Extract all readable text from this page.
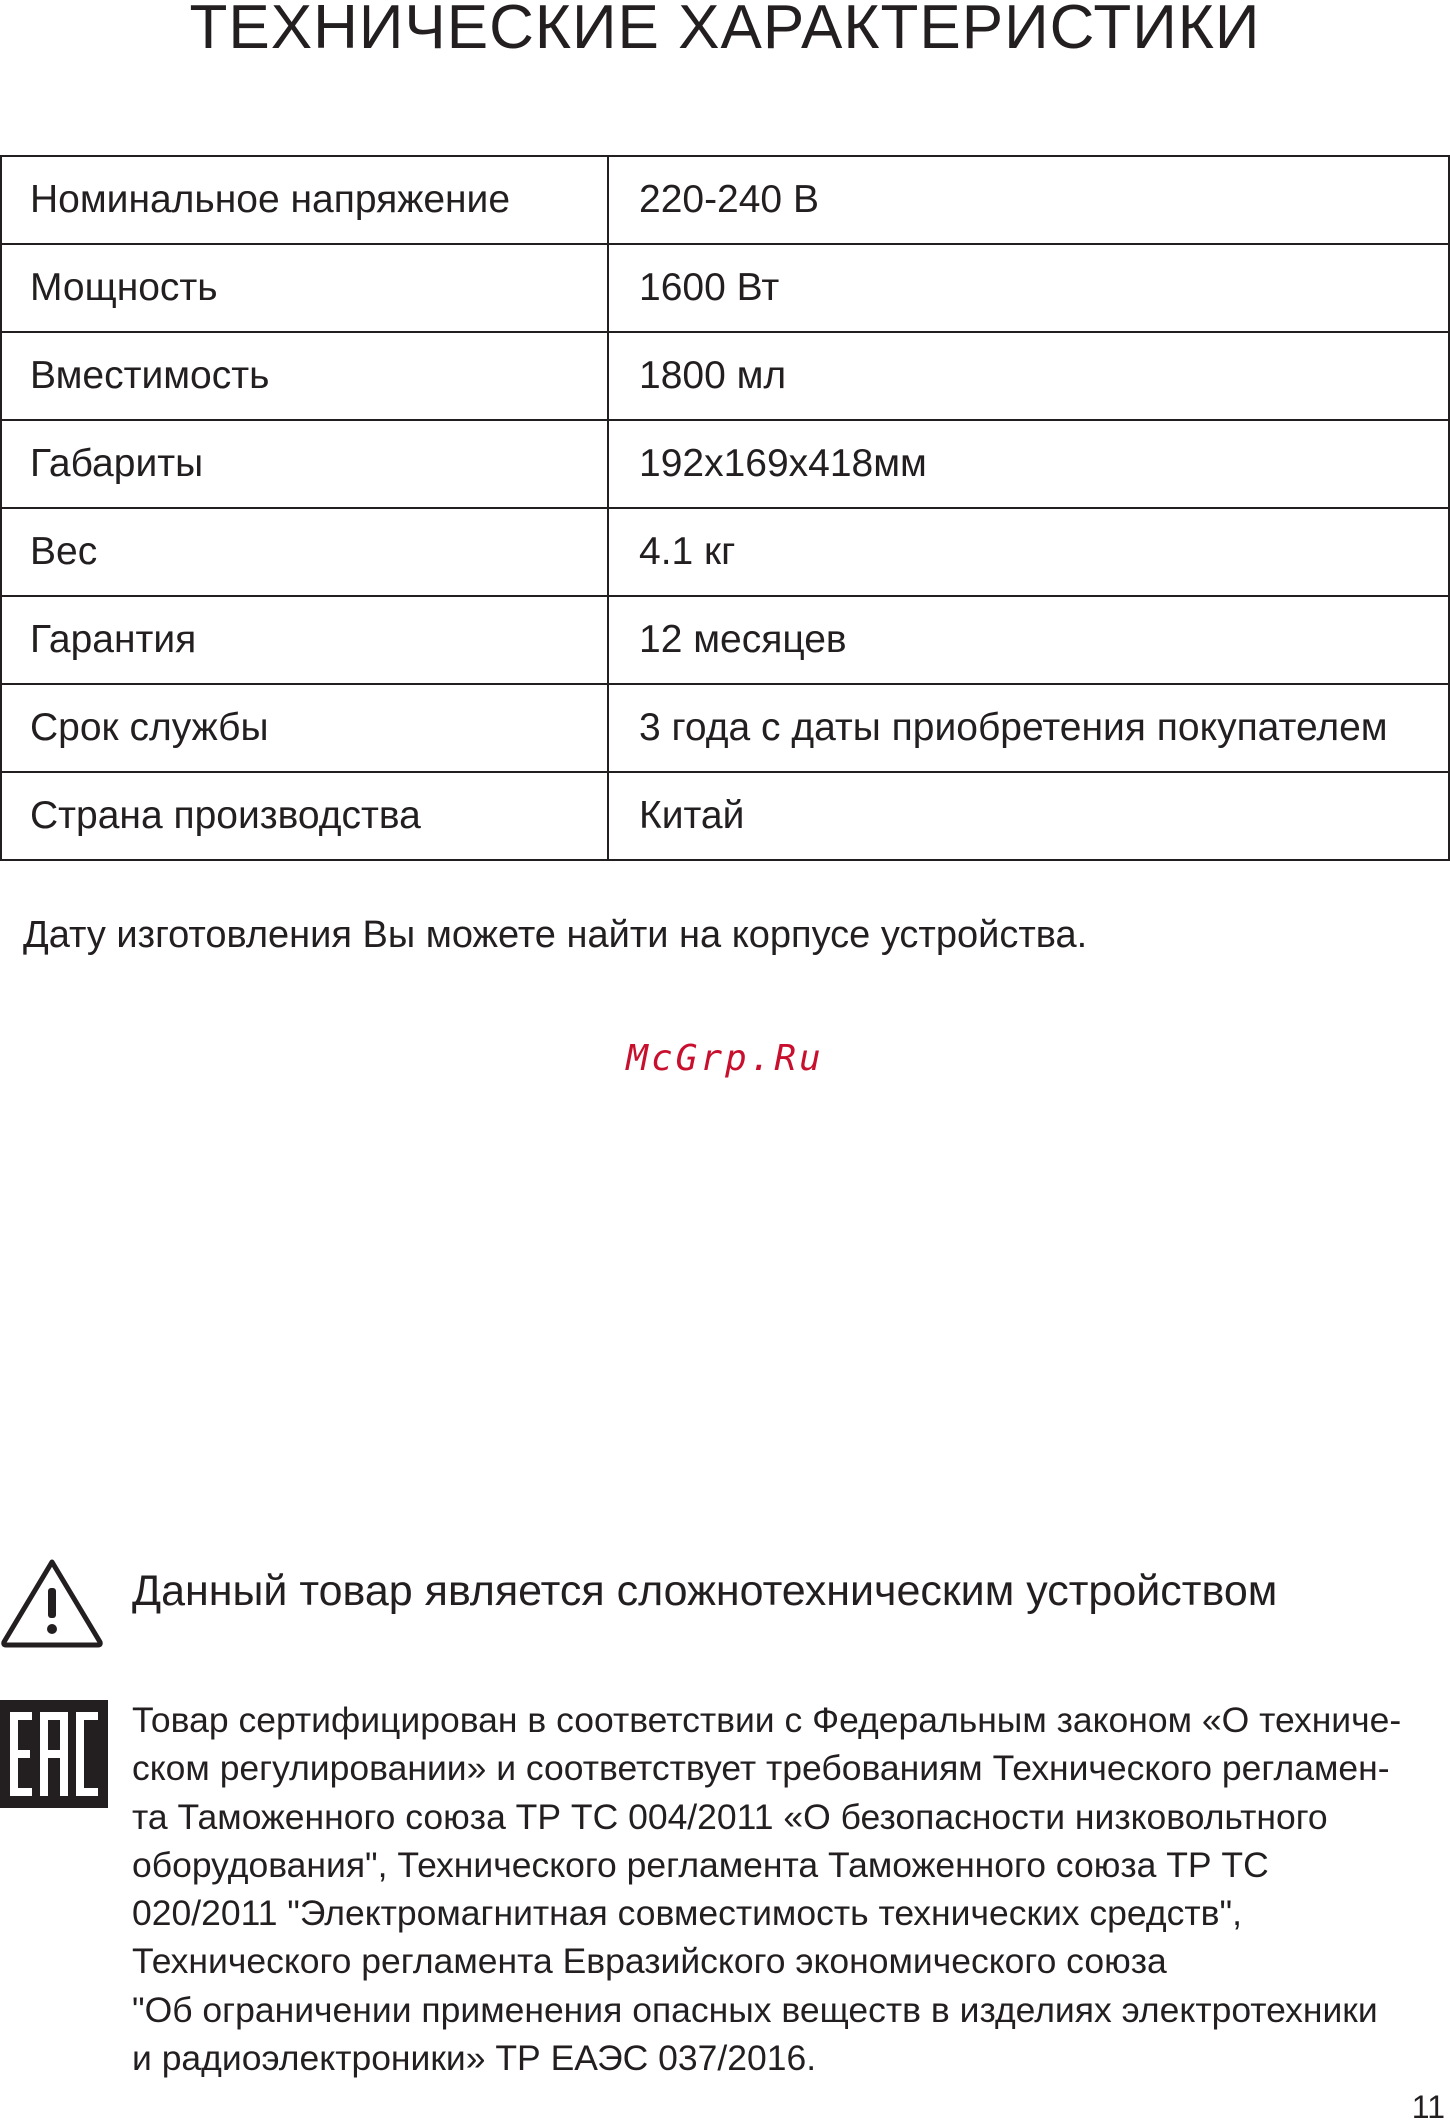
ТЕХНИЧЕСКИЕ ХАРАКТЕРИСТИКИ
Номинальное напряжение	220-240 В
Мощность	1600 Вт
Вместимость	1800 мл
Габариты	192х169х418мм
Вес	4.1 кг
Гарантия	12 месяцев
Срок службы	3 года с даты приобретения покупателем
Страна производства	Китай
Дату изготовления Вы можете найти на корпусе устройства.
McGrp.Ru
Данный товар является сложнотехническим устройством
Товар сертифицирован в соответствии с Федеральным законом «О техниче-
ском регулировании» и соответствует требованиям Технического регламен-
та Таможенного союза ТР ТС 004/2011 «О безопасности низковольтного
оборудования", Технического регламента Таможенного союза ТР ТС
020/2011 "Электромагнитная совместимость технических средств",
Технического регламента Евразийского экономического союза
"Об ограничении применения опасных веществ в изделиях электротехники
и радиоэлектроники» ТР ЕАЭС 037/2016.
11
